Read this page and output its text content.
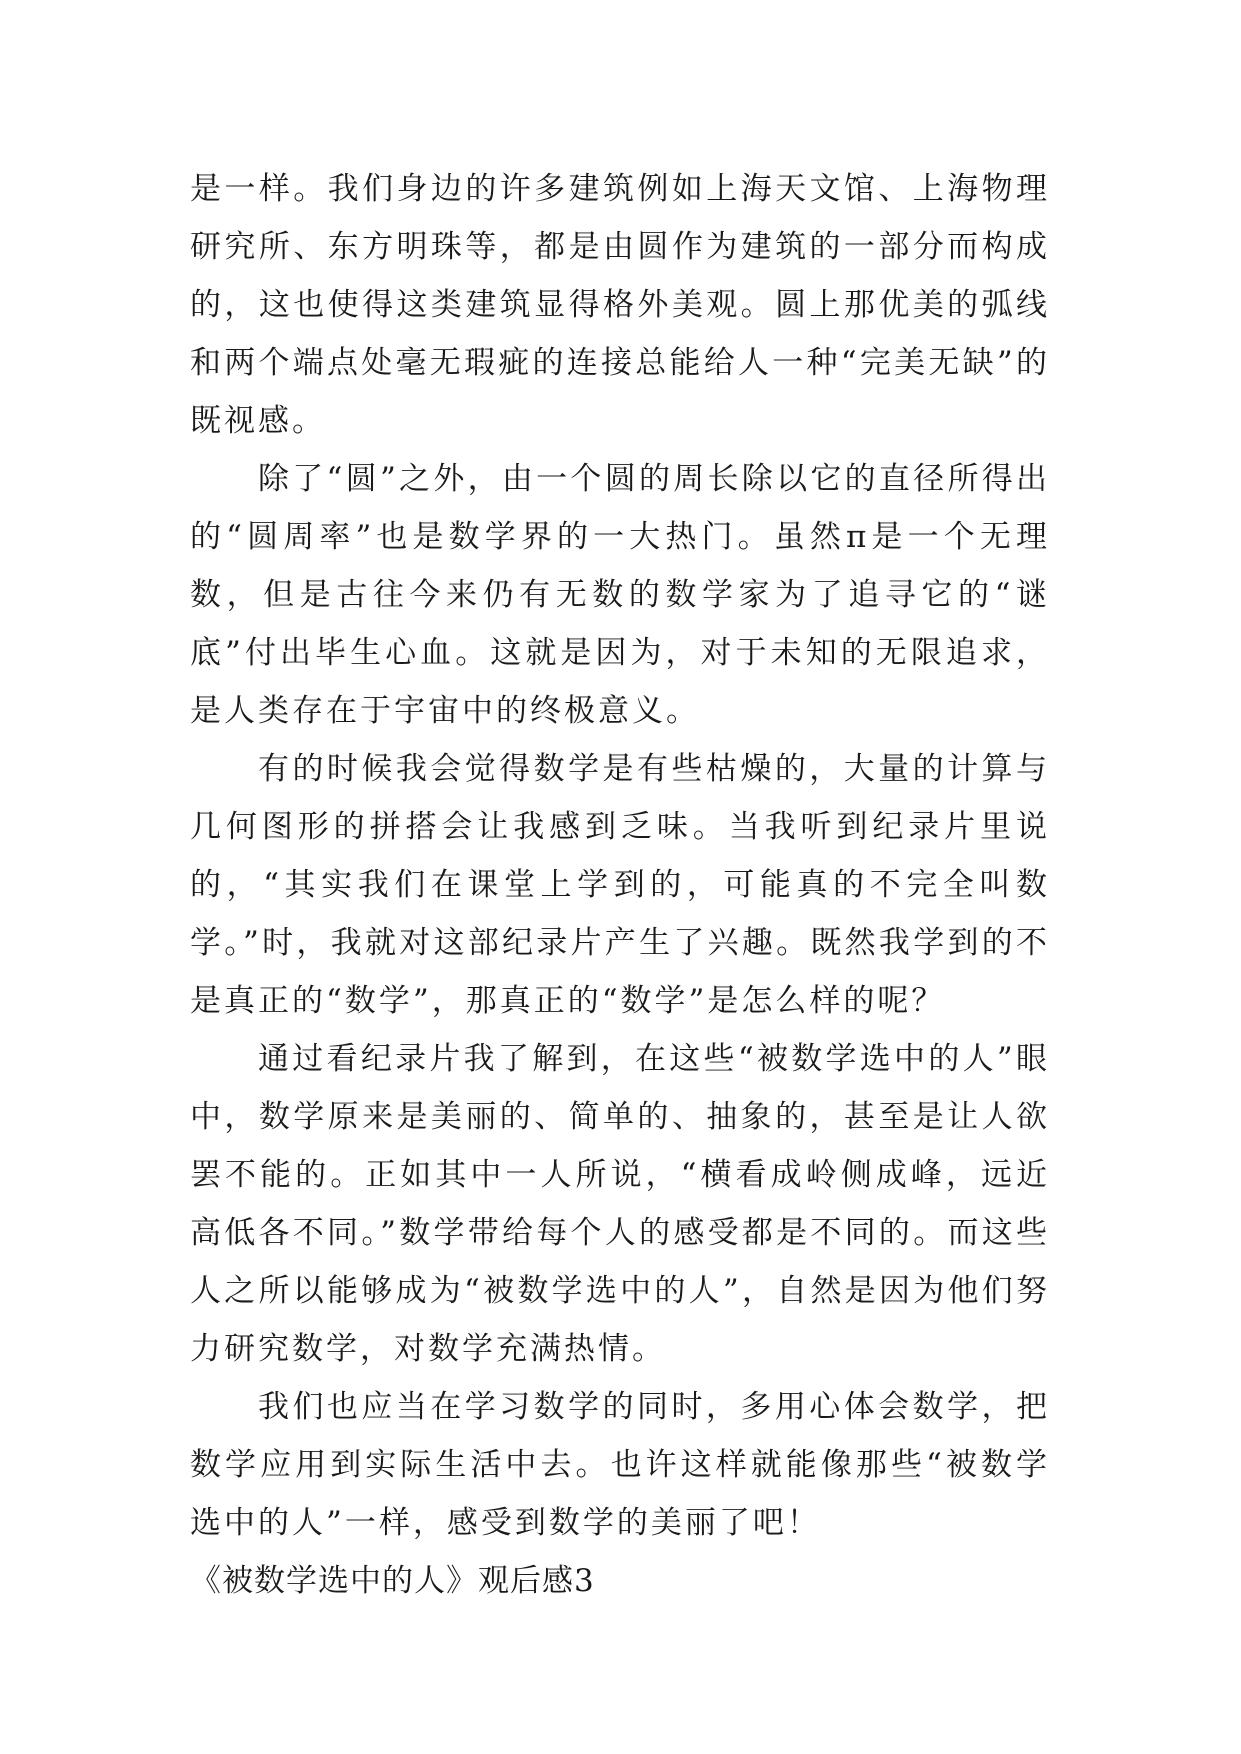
是一样。我们身边的许多建筑例如上海天文馆、上海物理研究所、东方明珠等，都是由圆作为建筑的一部分而构成的，这也使得这类建筑显得格外美观。圆上那优美的弧线和两个端点处毫无瑕疵的连接总能给人一种“完美无缺”的既视感。

除了“圆”之外，由一个圆的周长除以它的直径所得出的“圆周率”也是数学界的一大热门。虽然π是一个无理数，但是古往今来仍有无数的数学家为了追寻它的“谜底”付出毕生心血。这就是因为，对于未知的无限追求，是人类存在于宇宙中的终极意义。

有的时候我会觉得数学是有些枯燥的，大量的计算与几何图形的拼搭会让我感到乏味。当我听到纪录片里说的，“其实我们在课堂上学到的，可能真的不完全叫数学。”时，我就对这部纪录片产生了兴趣。既然我学到的不是真正的“数学”，那真正的“数学”是怎么样的呢？

通过看纪录片我了解到，在这些“被数学选中的人”眼中，数学原来是美丽的、简单的、抽象的，甚至是让人欲罢不能的。正如其中一人所说，“横看成岭侧成峰，远近高低各不同。”数学带给每个人的感受都是不同的。而这些人之所以能够成为“被数学选中的人”，自然是因为他们努力研究数学，对数学充满热情。

我们也应当在学习数学的同时，多用心体会数学，把数学应用到实际生活中去。也许这样就能像那些“被数学选中的人”一样，感受到数学的美丽了吧！

《被数学选中的人》观后感3
